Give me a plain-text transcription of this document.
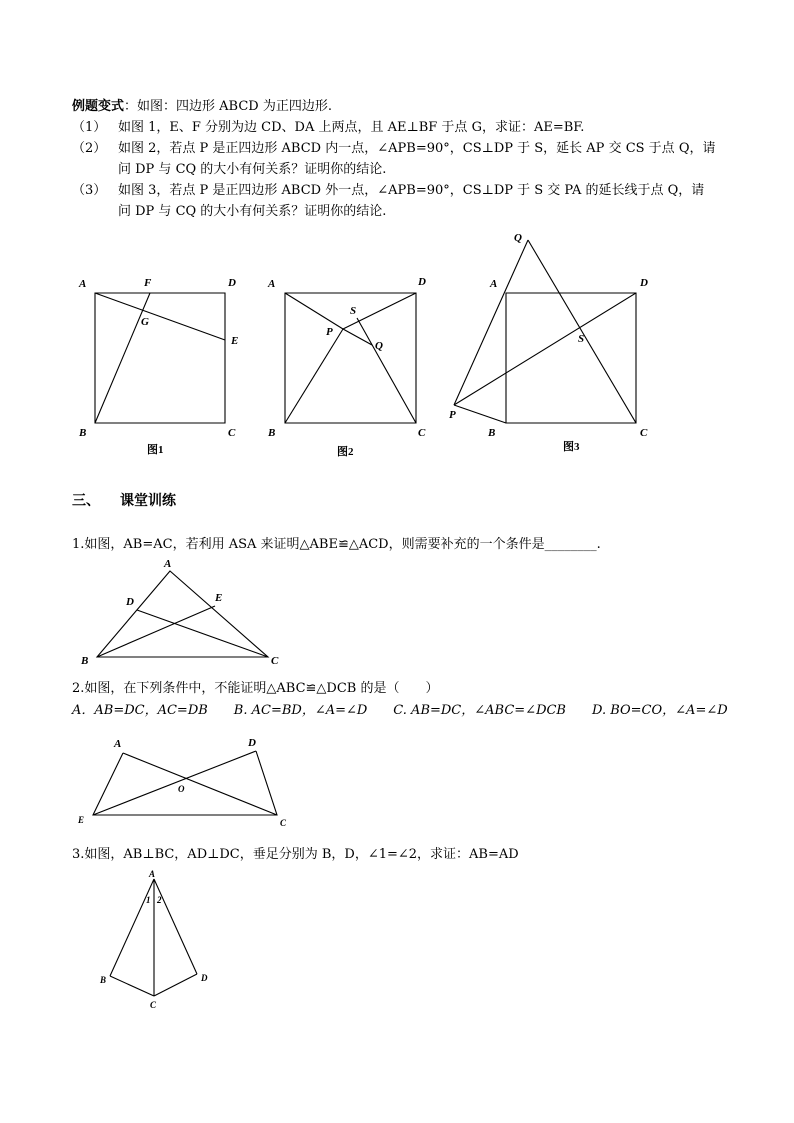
例题变式：如图：四边形 ABCD 为正四边形.
（1） 如图 1，E、F 分别为边 CD、DA 上两点，且 AE⊥BF 于点 G，求证：AE=BF.
（2） 如图 2，若点 P 是正四边形 ABCD 内一点，∠APB=90°，CS⊥DP 于 S，延长 AP 交 CS 于点 Q，请
问 DP 与 CQ 的大小有何关系？证明你的结论.
（3） 如图 3，若点 P 是正四边形 ABCD 外一点，∠APB=90°，CS⊥DP 于 S 交 PA 的延长线于点 Q，请
问 DP 与 CQ 的大小有何关系？证明你的结论.
三、 课堂训练
1.如图，AB=AC，若利用 ASA 来证明△ABE≌△ACD，则需要补充的一个条件是________.
2.如图，在下列条件中，不能证明△ABC≌△DCB 的是（　　）
A．AB=DC，AC=DB　　B. AC=BD，∠A=∠D　　C. AB=DC，∠ABC=∠DCB　　D. BO=CO，∠A=∠D
3.如图，AB⊥BC，AD⊥DC，垂足分别为 B，D，∠1=∠2，求证：AB=AD
A	F	D
G
E
B	C
图1
A	D
S
P
Q
B	C
图2
Q
A	D
S
P
B	C
图3
A
D	E
B	C
A	D
O
E	C
A
1 2
B	D
C
